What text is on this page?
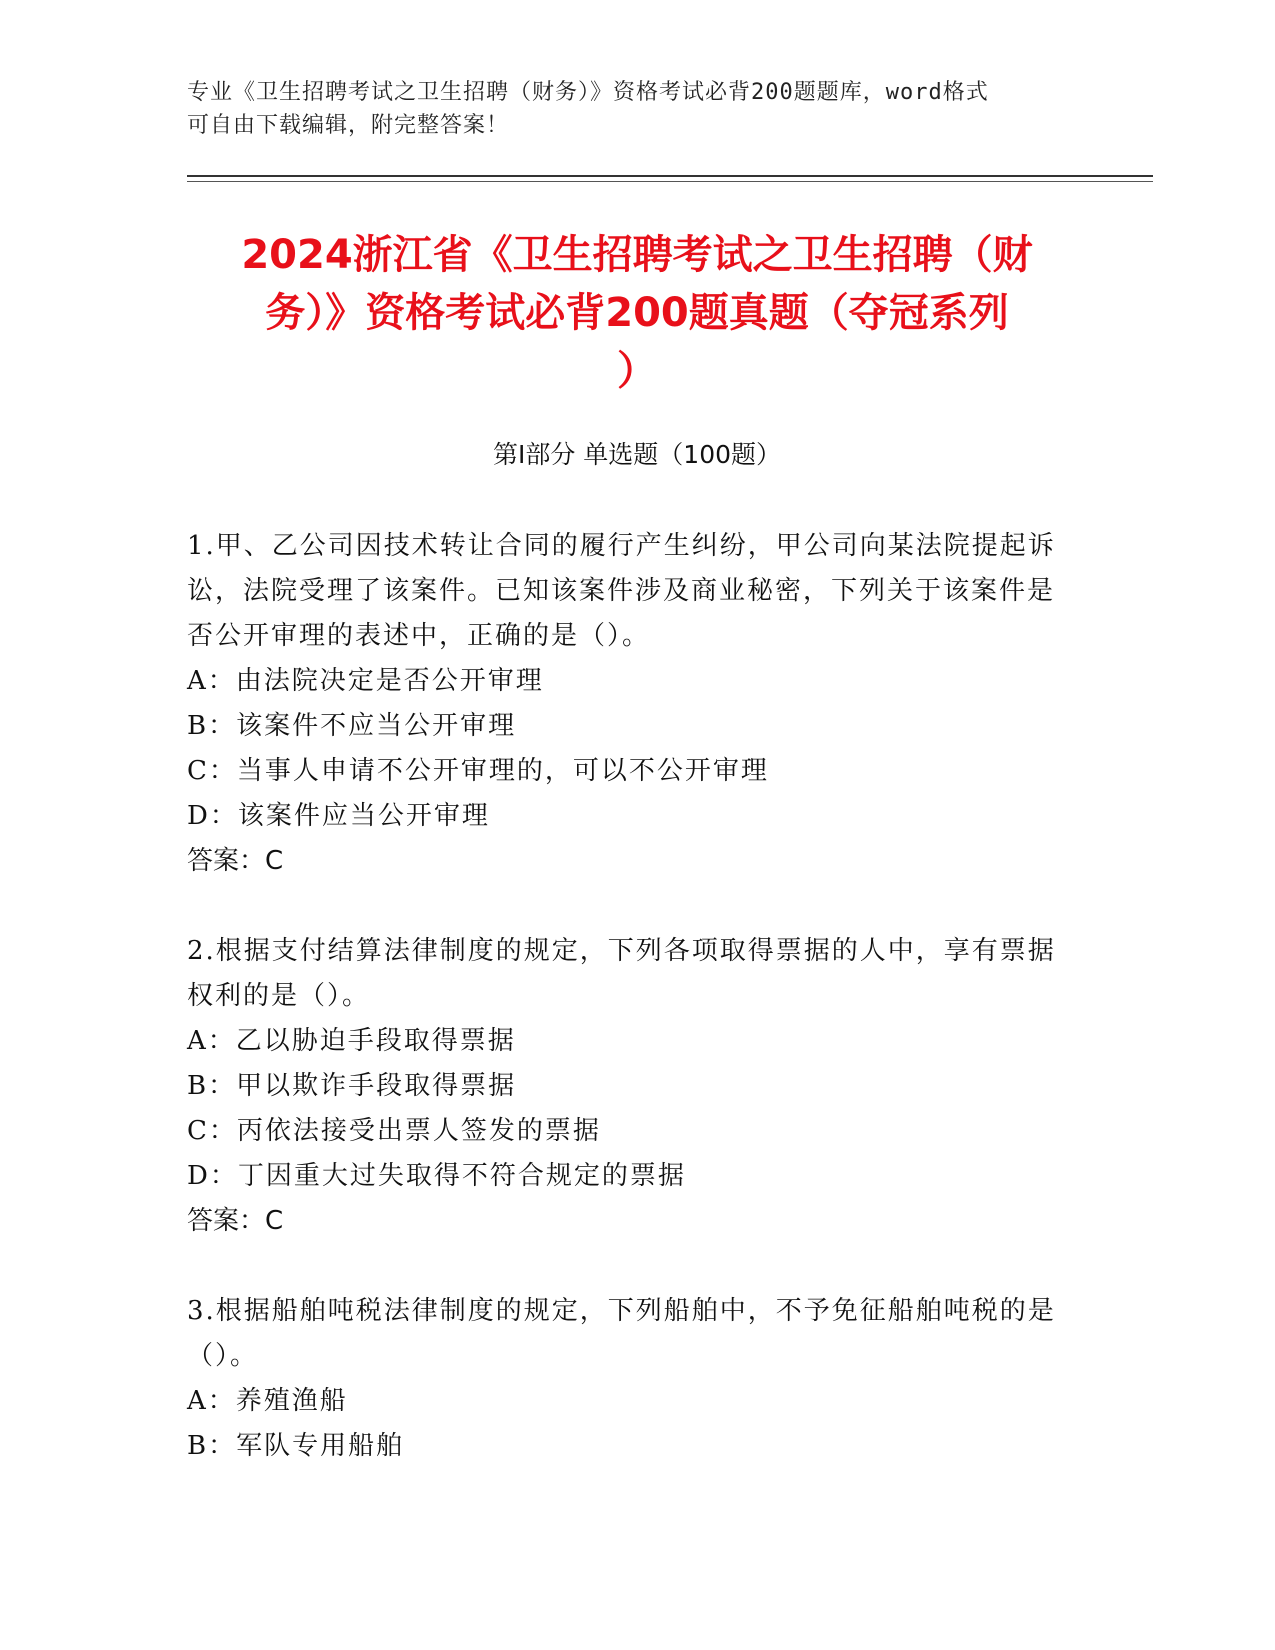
专业《卫生招聘考试之卫生招聘（财务）》资格考试必背200题题库，word格式
可自由下载编辑，附完整答案！
2024浙江省《卫生招聘考试之卫生招聘（财
务）》资格考试必背200题真题（夺冠系列
）
第Ⅰ部分 单选题（100题）

1.甲、乙公司因技术转让合同的履行产生纠纷，甲公司向某法院提起诉讼，法院受理了该案件。已知该案件涉及商业秘密，下列关于该案件是否公开审理的表述中，正确的是（）。

A：由法院决定是否公开审理

B：该案件不应当公开审理

C：当事人申请不公开审理的，可以不公开审理

D：该案件应当公开审理

答案：C

2.根据支付结算法律制度的规定，下列各项取得票据的人中，享有票据权利的是（）。

A：乙以胁迫手段取得票据

B：甲以欺诈手段取得票据

C：丙依法接受出票人签发的票据

D：丁因重大过失取得不符合规定的票据

答案：C

3.根据船舶吨税法律制度的规定，下列船舶中，不予免征船舶吨税的是（）。

A：养殖渔船

B：军队专用船舶
